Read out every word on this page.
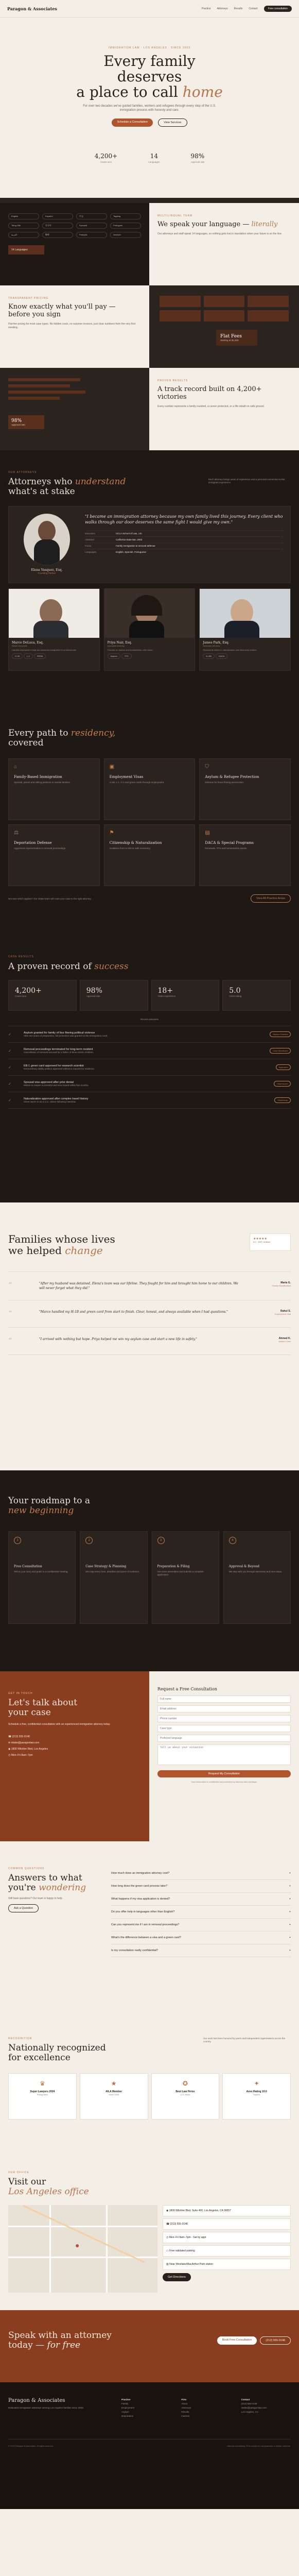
Paragon & Associates	Practice Attorneys Results Contact	Free consultation
IMMIGRATION LAW · LOS ANGELES · SINCE 2003
Every family
deserves
a place to call home

For over two decades we've guided families, workers and refugees through every step of the U.S. immigration process with honesty and care.

Schedule a Consultation	View Services
4,200+
Cases won
14
Languages
98%
Approval rate
English	Español	中文	Tagalog
Tiếng Việt	한국어	Русский	Português
العربية	हिन्दी	Français	Deutsch
14 Languages
MULTILINGUAL TEAM
We speak your language — literally

Our attorneys and staff speak 14 languages, so nothing gets lost in translation when your future is on the line.

TRANSPARENT PRICING
Know exactly what you'll pay —
before you sign

Flat-fee pricing for most case types. No hidden costs, no surprise invoices, just clear numbers from the very first meeting.

Flat Fees
Starting at $1,500
98%
Approval rate
PROVEN RESULTS
A track record built on 4,200+
victories

Every number represents a family reunited, a career protected, or a life rebuilt on safe ground.

OUR ATTORNEYS
Attorneys who understand
what's at stake

Each attorney brings years of experience and a personal connection to the immigrant experience.

Elena Vasquez, Esq.
Founding Partner
"I became an immigration attorney because my own family lived this journey. Every client who walks through our door deserves the same fight I would give my own."
Education	UCLA School of Law, J.D.
Admitted	California State Bar, 2003
Focus	Family immigration & removal defense
Languages	English, Spanish, Portuguese
Marco DeLuca, Esq.
Senior Associate
Handles employment visas and business immigration for professionals.
H-1B	L-1	PERM
Priya Nair, Esq.
Associate Attorney
Focuses on asylum and humanitarian relief cases.
Asylum	TPS
James Park, Esq.
Associate Attorney
Represents clients in naturalization and citizenship matters.
N-400	DACA
Every path to residency,
covered
⌂
Family-Based Immigration
Spousal, parent and sibling petitions to reunite families.
▣
Employment Visas
H-1B, L-1, O-1 and green cards through employment.
⛉
Asylum & Refugee Protection
Defense for those fleeing persecution.
⚖
Deportation Defense
Aggressive representation in removal proceedings.
⚑
Citizenship & Naturalization
Guidance from N-400 to oath ceremony.
▤
DACA & Special Programs
Renewals, TPS and humanitarian parole.
Not sure which applies? Our intake team will route your case to the right attorney.	View All Practice Areas
CASE RESULTS
A proven record of success
4,200+
Cases won
98%
Approval rate
18+
Years experience
5.0
Client rating
Recent outcomes
✓	Asylum granted for family of four fleeing political violence
After two years of preparation, full protection was granted at the immigration court.
Asylum Granted
✓	Removal proceedings terminated for long-term resident
Cancellation of removal secured for a father of three citizen children.
Case Dismissed
✓	EB-1 green card approved for research scientist
Extraordinary ability petition approved without a request for evidence.
Approved
✓	Spousal visa approved after prior denial
Motion to reopen successful and visa issued within five months.
Visa Issued
✓	Naturalization approved after complex travel history
Client sworn in as a U.S. citizen following interview.
Citizenship
Families whose lives
we helped change
★★★★★
5.0 · 200+ reviews
“	"After my husband was detained, Elena's team was our lifeline. They fought for him and brought him home to our children. We will never forget what they did."
Maria G.
Family Reunification
“	"Marco handled my H-1B and green card from start to finish. Clear, honest, and always available when I had questions."	Rahul S.
Employment Visa
“	"I arrived with nothing but hope. Priya helped me win my asylum case and start a new life in safety."	Ahmed K.
Asylum Case
Your roadmap to a
new beginning
1
Free Consultation
Tell us your story and goals in a confidential meeting.
2
Case Strategy & Planning
We map every form, deadline and piece of evidence.
3
Preparation & Filing
Our team assembles and submits a complete application.
4
Approval & Beyond
We stay with you through interviews and next steps.
GET IN TOUCH
Let's talk about
your case

Schedule a free, confidential consultation with an experienced immigration attorney today.

☎ (213) 555-0148
✉ intake@paragonlaw.com
◉ 1800 Wilshire Blvd, Los Angeles
◷ Mon–Fri 8am–7pm
Request a Free Consultation
Full name
Email address
Phone number
Case type
Preferred language
Tell us about your situation
Request My Consultation
Your information is confidential and protected by attorney-client privilege.
COMMON QUESTIONS
Answers to what
you're wondering

Still have questions? Our team is happy to help.

Ask a Question
How much does an immigration attorney cost?	+
How long does the green card process take?	+
What happens if my visa application is denied?	+
Do you offer help in languages other than English?	+
Can you represent me if I am in removal proceedings?	+
What's the difference between a visa and a green card?	+
Is my consultation really confidential?	+
RECOGNITION
Nationally recognized
for excellence

Our work has been honored by peers and independent organizations across the country.

♛
Super Lawyers 2024
Rising stars
★
AILA Member
Since 2005
✪
Best Law Firms
U.S. News
✦
Avvo Rating 10.0
Superb
OUR OFFICE
Visit our
Los Angeles office
●
◉ 1800 Wilshire Blvd, Suite 400, Los Angeles, CA 90057
☎ (213) 555-0148
◷ Mon–Fri 8am–7pm · Sat by appt
▭ Free validated parking
▥ Near Westlake/MacArthur Park station
Get Directions
Speak with an attorney
today — for free	Book Free Consultation	(213) 555-0148
Paragon & Associates

Dedicated immigration attorneys serving Los Angeles families since 2003.

Practice
Family
Employment
Asylum
Deportation
Firm
About
Attorneys
Results
Careers
Contact
(213) 555-0148
intake@paragonlaw.com
Los Angeles, CA
© 2024 Paragon & Associates. All rights reserved.	Attorney advertising. Prior results do not guarantee a similar outcome.
